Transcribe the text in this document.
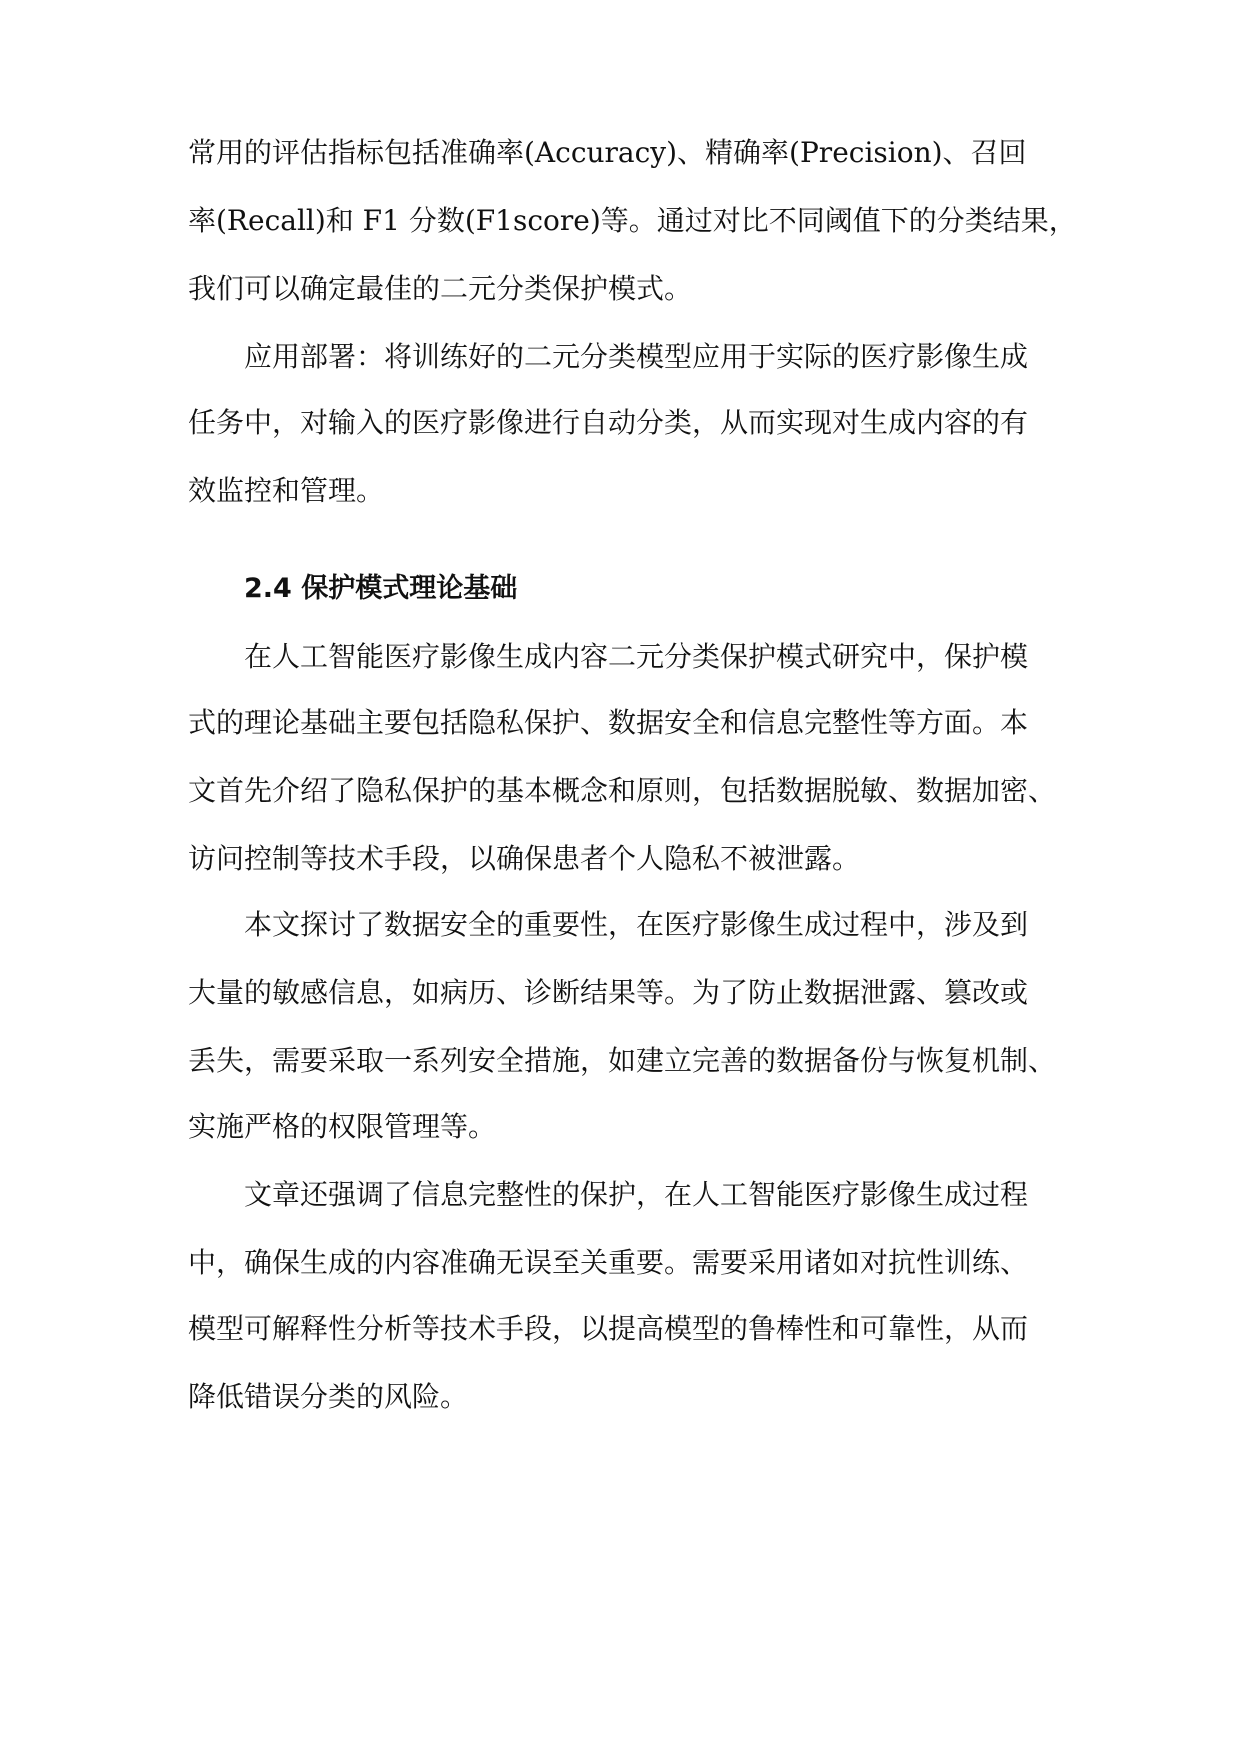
常用的评估指标包括准确率(Accuracy)、精确率(Precision)、召回
率(Recall)和 F1 分数(F1score)等。通过对比不同阈值下的分类结果，
我们可以确定最佳的二元分类保护模式。
应用部署：将训练好的二元分类模型应用于实际的医疗影像生成
任务中，对输入的医疗影像进行自动分类，从而实现对生成内容的有
效监控和管理。
2.4 保护模式理论基础
在人工智能医疗影像生成内容二元分类保护模式研究中，保护模
式的理论基础主要包括隐私保护、数据安全和信息完整性等方面。本
文首先介绍了隐私保护的基本概念和原则，包括数据脱敏、数据加密、
访问控制等技术手段，以确保患者个人隐私不被泄露。
本文探讨了数据安全的重要性，在医疗影像生成过程中，涉及到
大量的敏感信息，如病历、诊断结果等。为了防止数据泄露、篡改或
丢失，需要采取一系列安全措施，如建立完善的数据备份与恢复机制、
实施严格的权限管理等。
文章还强调了信息完整性的保护，在人工智能医疗影像生成过程
中，确保生成的内容准确无误至关重要。需要采用诸如对抗性训练、
模型可解释性分析等技术手段，以提高模型的鲁棒性和可靠性，从而
降低错误分类的风险。
